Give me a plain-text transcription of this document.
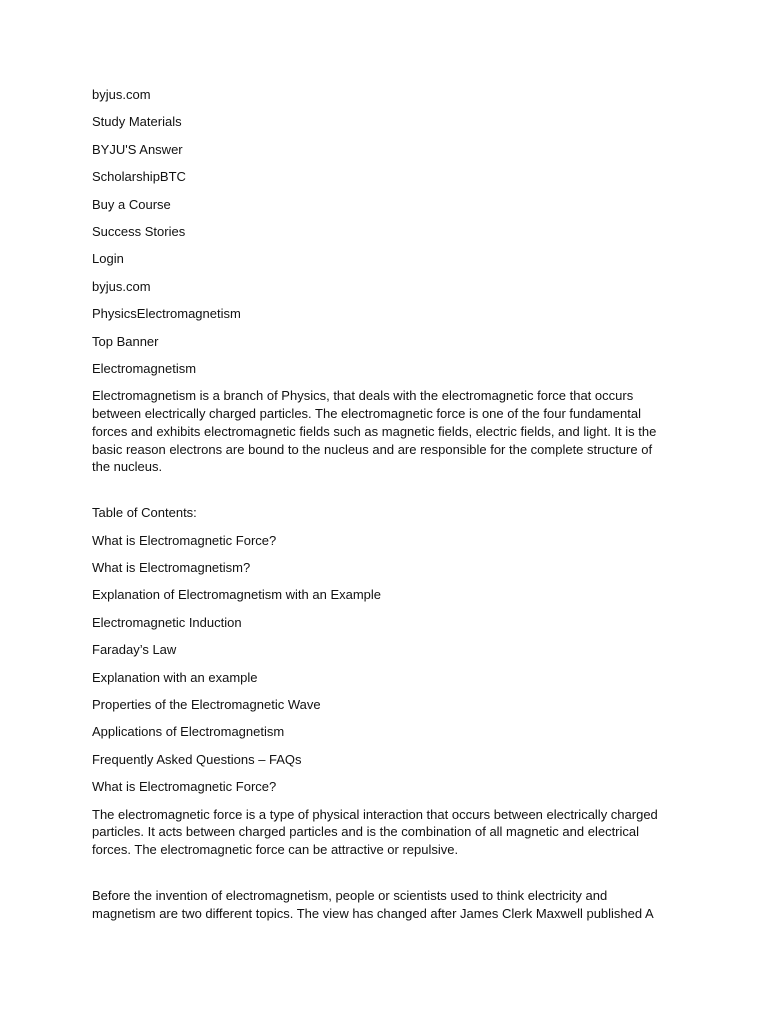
byjus.com
Study Materials
BYJU'S Answer
ScholarshipBTC
Buy a Course
Success Stories
Login
byjus.com
PhysicsElectromagnetism
Top Banner
Electromagnetism

Electromagnetism is a branch of Physics, that deals with the electromagnetic force that occurs between electrically charged particles. The electromagnetic force is one of the four fundamental forces and exhibits electromagnetic fields such as magnetic fields, electric fields, and light. It is the basic reason electrons are bound to the nucleus and are responsible for the complete structure of the nucleus.

Table of Contents:
What is Electromagnetic Force?
What is Electromagnetism?
Explanation of Electromagnetism with an Example
Electromagnetic Induction
Faraday’s Law
Explanation with an example
Properties of the Electromagnetic Wave
Applications of Electromagnetism
Frequently Asked Questions – FAQs
What is Electromagnetic Force?

The electromagnetic force is a type of physical interaction that occurs between electrically charged particles. It acts between charged particles and is the combination of all magnetic and electrical forces. The electromagnetic force can be attractive or repulsive.

Before the invention of electromagnetism, people or scientists used to think electricity and magnetism are two different topics. The view has changed after James Clerk Maxwell published A
